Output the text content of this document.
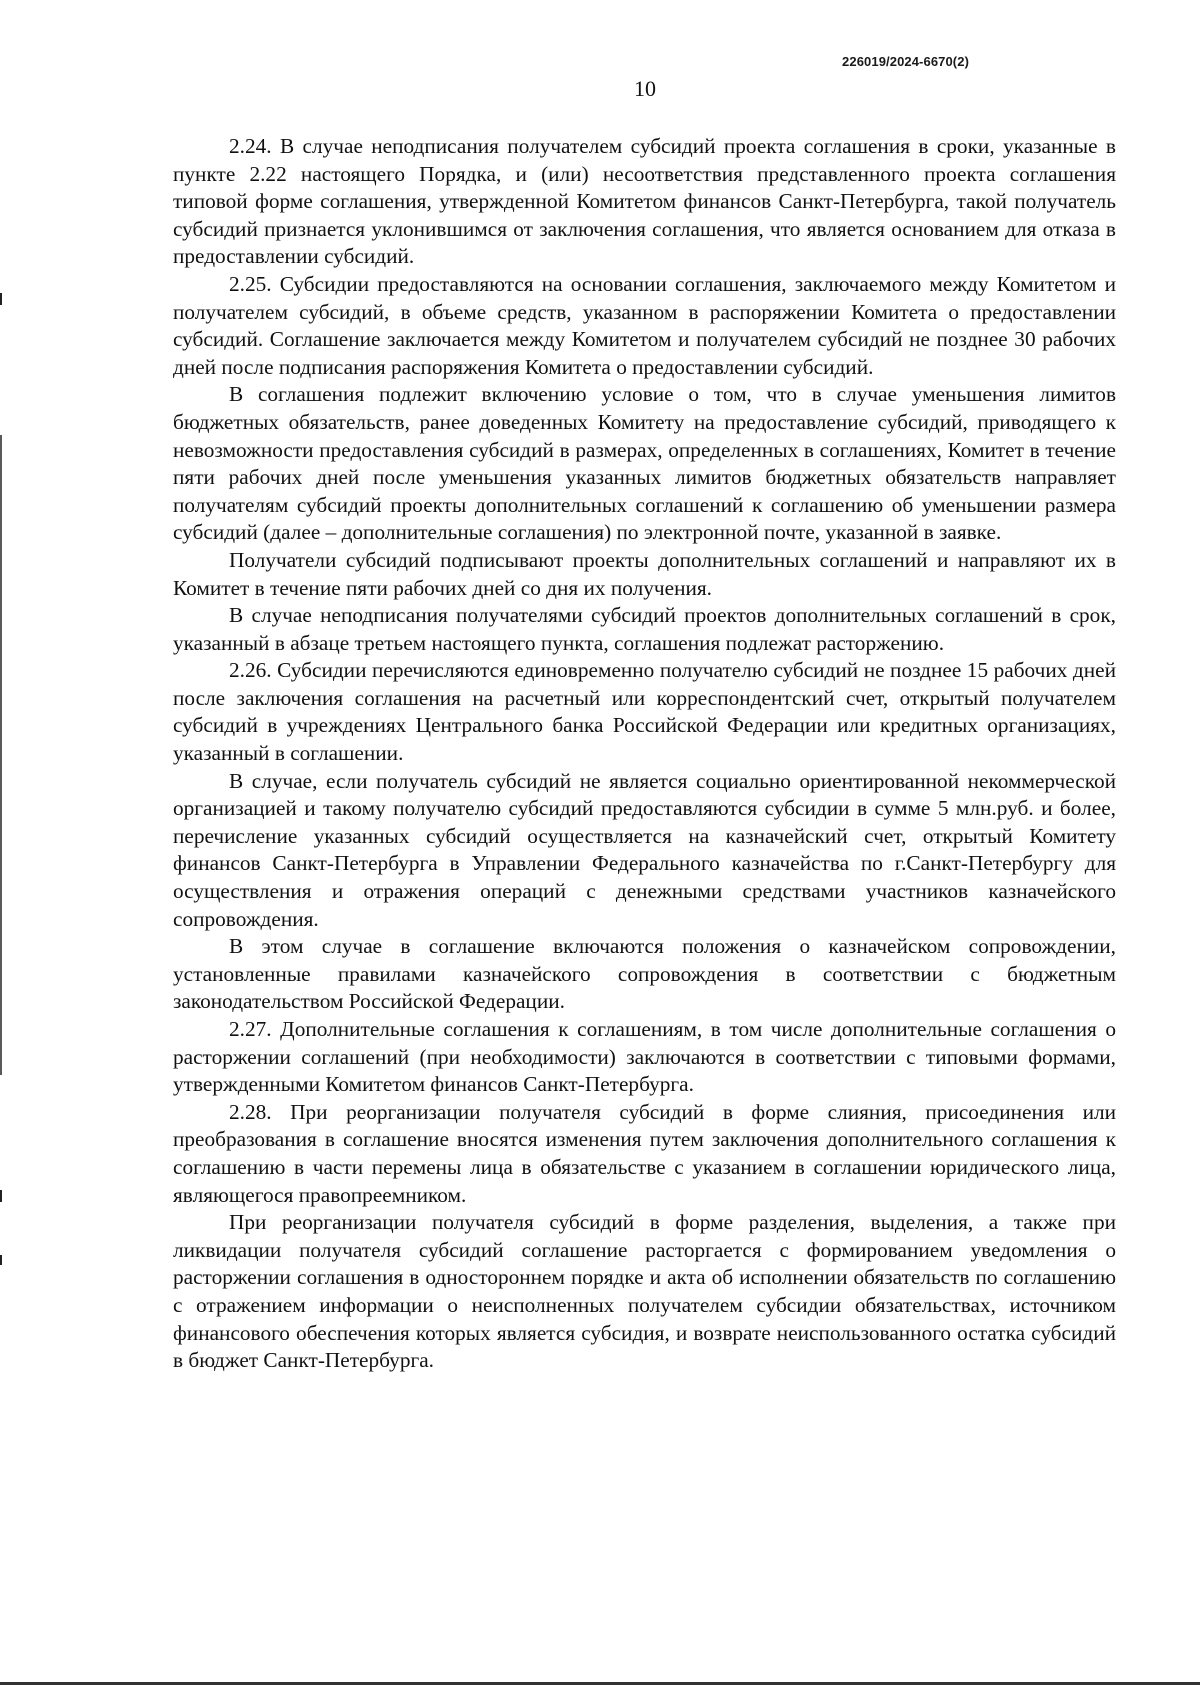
226019/2024-6670(2)
10

2.24. В случае неподписания получателем субсидий проекта соглашения в сроки, указанные в пункте 2.22 настоящего Порядка, и (или) несоответствия представленного проекта соглашения типовой форме соглашения, утвержденной Комитетом финансов Санкт-Петербурга, такой получатель субсидий признается уклонившимся от заключения соглашения, что является основанием для отказа в предоставлении субсидий.

2.25. Субсидии предоставляются на основании соглашения, заключаемого между Комитетом и получателем субсидий, в объеме средств, указанном в распоряжении Комитета о предоставлении субсидий. Соглашение заключается между Комитетом и получателем субсидий не позднее 30 рабочих дней после подписания распоряжения Комитета о предоставлении субсидий.

В соглашения подлежит включению условие о том, что в случае уменьшения лимитов бюджетных обязательств, ранее доведенных Комитету на предоставление субсидий, приводящего к невозможности предоставления субсидий в размерах, определенных в соглашениях, Комитет в течение пяти рабочих дней после уменьшения указанных лимитов бюджетных обязательств направляет получателям субсидий проекты дополнительных соглашений к соглашению об уменьшении размера субсидий (далее – дополнительные соглашения) по электронной почте, указанной в заявке.

Получатели субсидий подписывают проекты дополнительных соглашений и направляют их в Комитет в течение пяти рабочих дней со дня их получения.

В случае неподписания получателями субсидий проектов дополнительных соглашений в срок, указанный в абзаце третьем настоящего пункта, соглашения подлежат расторжению.

2.26. Субсидии перечисляются единовременно получателю субсидий не позднее 15 рабочих дней после заключения соглашения на расчетный или корреспондентский счет, открытый получателем субсидий в учреждениях Центрального банка Российской Федерации или кредитных организациях, указанный в соглашении.

В случае, если получатель субсидий не является социально ориентированной некоммерческой организацией и такому получателю субсидий предоставляются субсидии в сумме 5 млн.руб. и более, перечисление указанных субсидий осуществляется на казначейский счет, открытый Комитету финансов Санкт-Петербурга в Управлении Федерального казначейства по г.Санкт-Петербургу для осуществления и отражения операций с денежными средствами участников казначейского сопровождения.

В этом случае в соглашение включаются положения о казначейском сопровождении, установленные правилами казначейского сопровождения в соответствии с бюджетным законодательством Российской Федерации.

2.27. Дополнительные соглашения к соглашениям, в том числе дополнительные соглашения о расторжении соглашений (при необходимости) заключаются в соответствии с типовыми формами, утвержденными Комитетом финансов Санкт-Петербурга.

2.28. При реорганизации получателя субсидий в форме слияния, присоединения или преобразования в соглашение вносятся изменения путем заключения дополнительного соглашения к соглашению в части перемены лица в обязательстве с указанием в соглашении юридического лица, являющегося правопреемником.

При реорганизации получателя субсидий в форме разделения, выделения, а также при ликвидации получателя субсидий соглашение расторгается с формированием уведомления о расторжении соглашения в одностороннем порядке и акта об исполнении обязательств по соглашению с отражением информации о неисполненных получателем субсидии обязательствах, источником финансового обеспечения которых является субсидия, и возврате неиспользованного остатка субсидий в бюджет Санкт-Петербурга.
